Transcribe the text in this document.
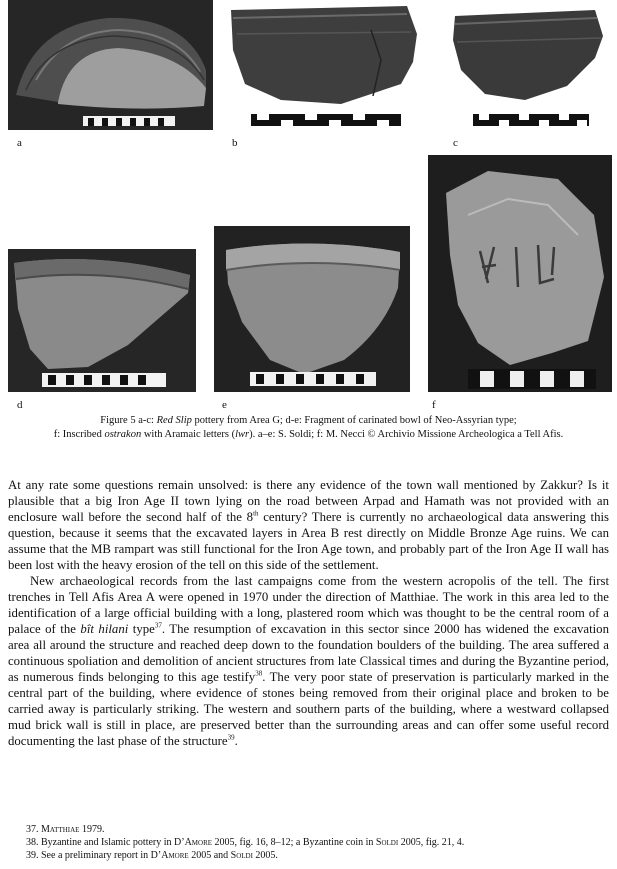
a	b	c
d	e	f
Figure 5 a-c: Red Slip pottery from Area G; d-e: Fragment of carinated bowl of Neo-Assyrian type;
f: Inscribed ostrakon with Aramaic letters (lwr). a–e: S. Soldi; f: M. Necci © Archivio Missione Archeologica a Tell Afis.

At any rate some questions remain unsolved: is there any evidence of the town wall mentioned by Zakkur? Is it plausible that a big Iron Age II town lying on the road between Arpad and Hamath was not provided with an enclosure wall before the second half of the 8th century? There is currently no archaeological data answering this question, because it seems that the excavated layers in Area B rest directly on Middle Bronze Age ruins. We can assume that the MB rampart was still functional for the Iron Age town, and probably part of the Iron Age II wall has been lost with the heavy erosion of the tell on this side of the settlement.

New archaeological records from the last campaigns come from the western acropolis of the tell. The first trenches in Tell Afis Area A were opened in 1970 under the direction of Matthiae. The work in this area led to the identification of a large official building with a long, plastered room which was thought to be the central room of a palace of the bît hilani type$^{37}$. The resumption of excavation in this sector since 2000 has widened the excavation area all around the structure and reached deep down to the foundation boulders of the building. The area suffered a continuous spoliation and demolition of ancient structures from late Classical times and during the Byzantine period, as numerous finds belonging to this age testify$^{38}$. The very poor state of preservation is particularly marked in the central part of the building, where evidence of stones being removed from their original place and broken to be carried away is particularly striking. The western and southern parts of the building, where a westward collapsed mud brick wall is still in place, are preserved better than the surrounding areas and can offer some useful record documenting the last phase of the structure$^{39}$.

37. Matthiae 1979.
38. Byzantine and Islamic pottery in D’Amore 2005, fig. 16, 8–12; a Byzantine coin in Soldi 2005, fig. 21, 4.
39. See a preliminary report in D’Amore 2005 and Soldi 2005.
